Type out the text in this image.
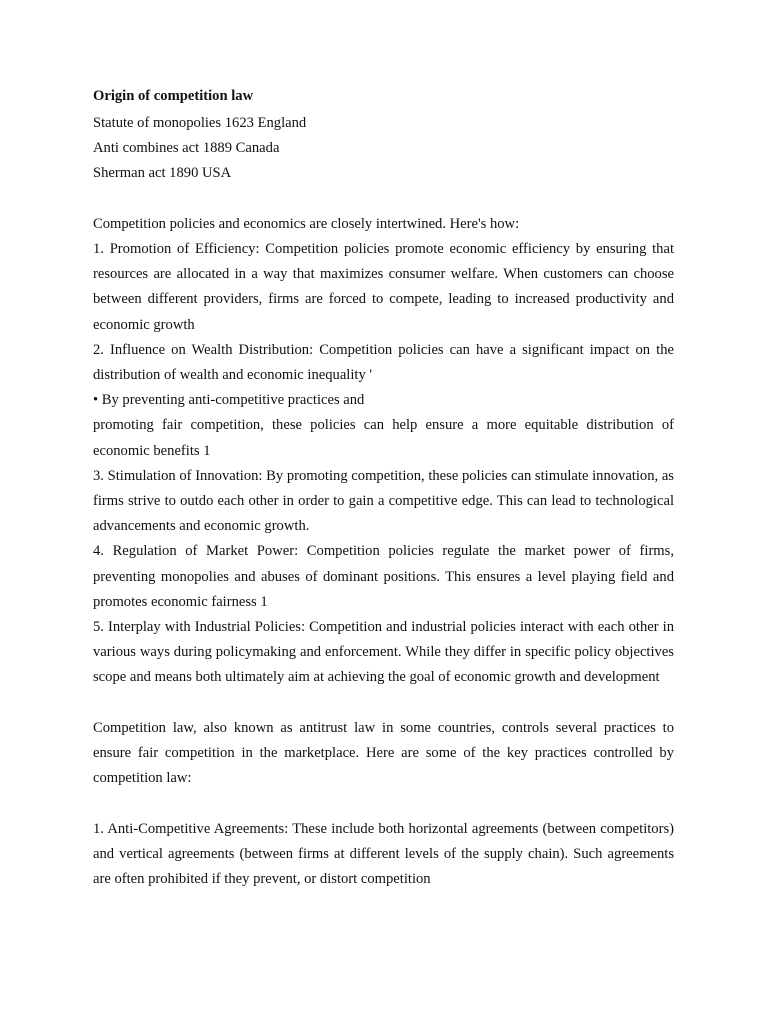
Origin of competition law

Statute of monopolies 1623 England

Anti combines act 1889 Canada

Sherman act 1890 USA

Competition policies and economics are closely intertwined. Here's how:

1. Promotion of Efficiency: Competition policies promote economic efficiency by ensuring that resources are allocated in a way that maximizes consumer welfare. When customers can choose between different providers, firms are forced to compete, leading to increased productivity and economic growth

2. Influence on Wealth Distribution: Competition policies can have a significant impact on the distribution of wealth and economic inequality '

• By preventing anti-competitive practices and

promoting fair competition, these policies can help ensure a more equitable distribution of economic benefits 1

3. Stimulation of Innovation: By promoting competition, these policies can stimulate innovation, as firms strive to outdo each other in order to gain a competitive edge. This can lead to technological advancements and economic growth.

4. Regulation of Market Power: Competition policies regulate the market power of firms, preventing monopolies and abuses of dominant positions. This ensures a level playing field and promotes economic fairness 1

5. Interplay with Industrial Policies: Competition and industrial policies interact with each other in various ways during policymaking and enforcement. While they differ in specific policy objectives scope and means both ultimately aim at achieving the goal of economic growth and development

Competition law, also known as antitrust law in some countries, controls several practices to ensure fair competition in the marketplace. Here are some of the key practices controlled by competition law:

1. Anti-Competitive Agreements: These include both horizontal agreements (between competitors) and vertical agreements (between firms at different levels of the supply chain). Such agreements are often prohibited if they prevent, or distort competition
